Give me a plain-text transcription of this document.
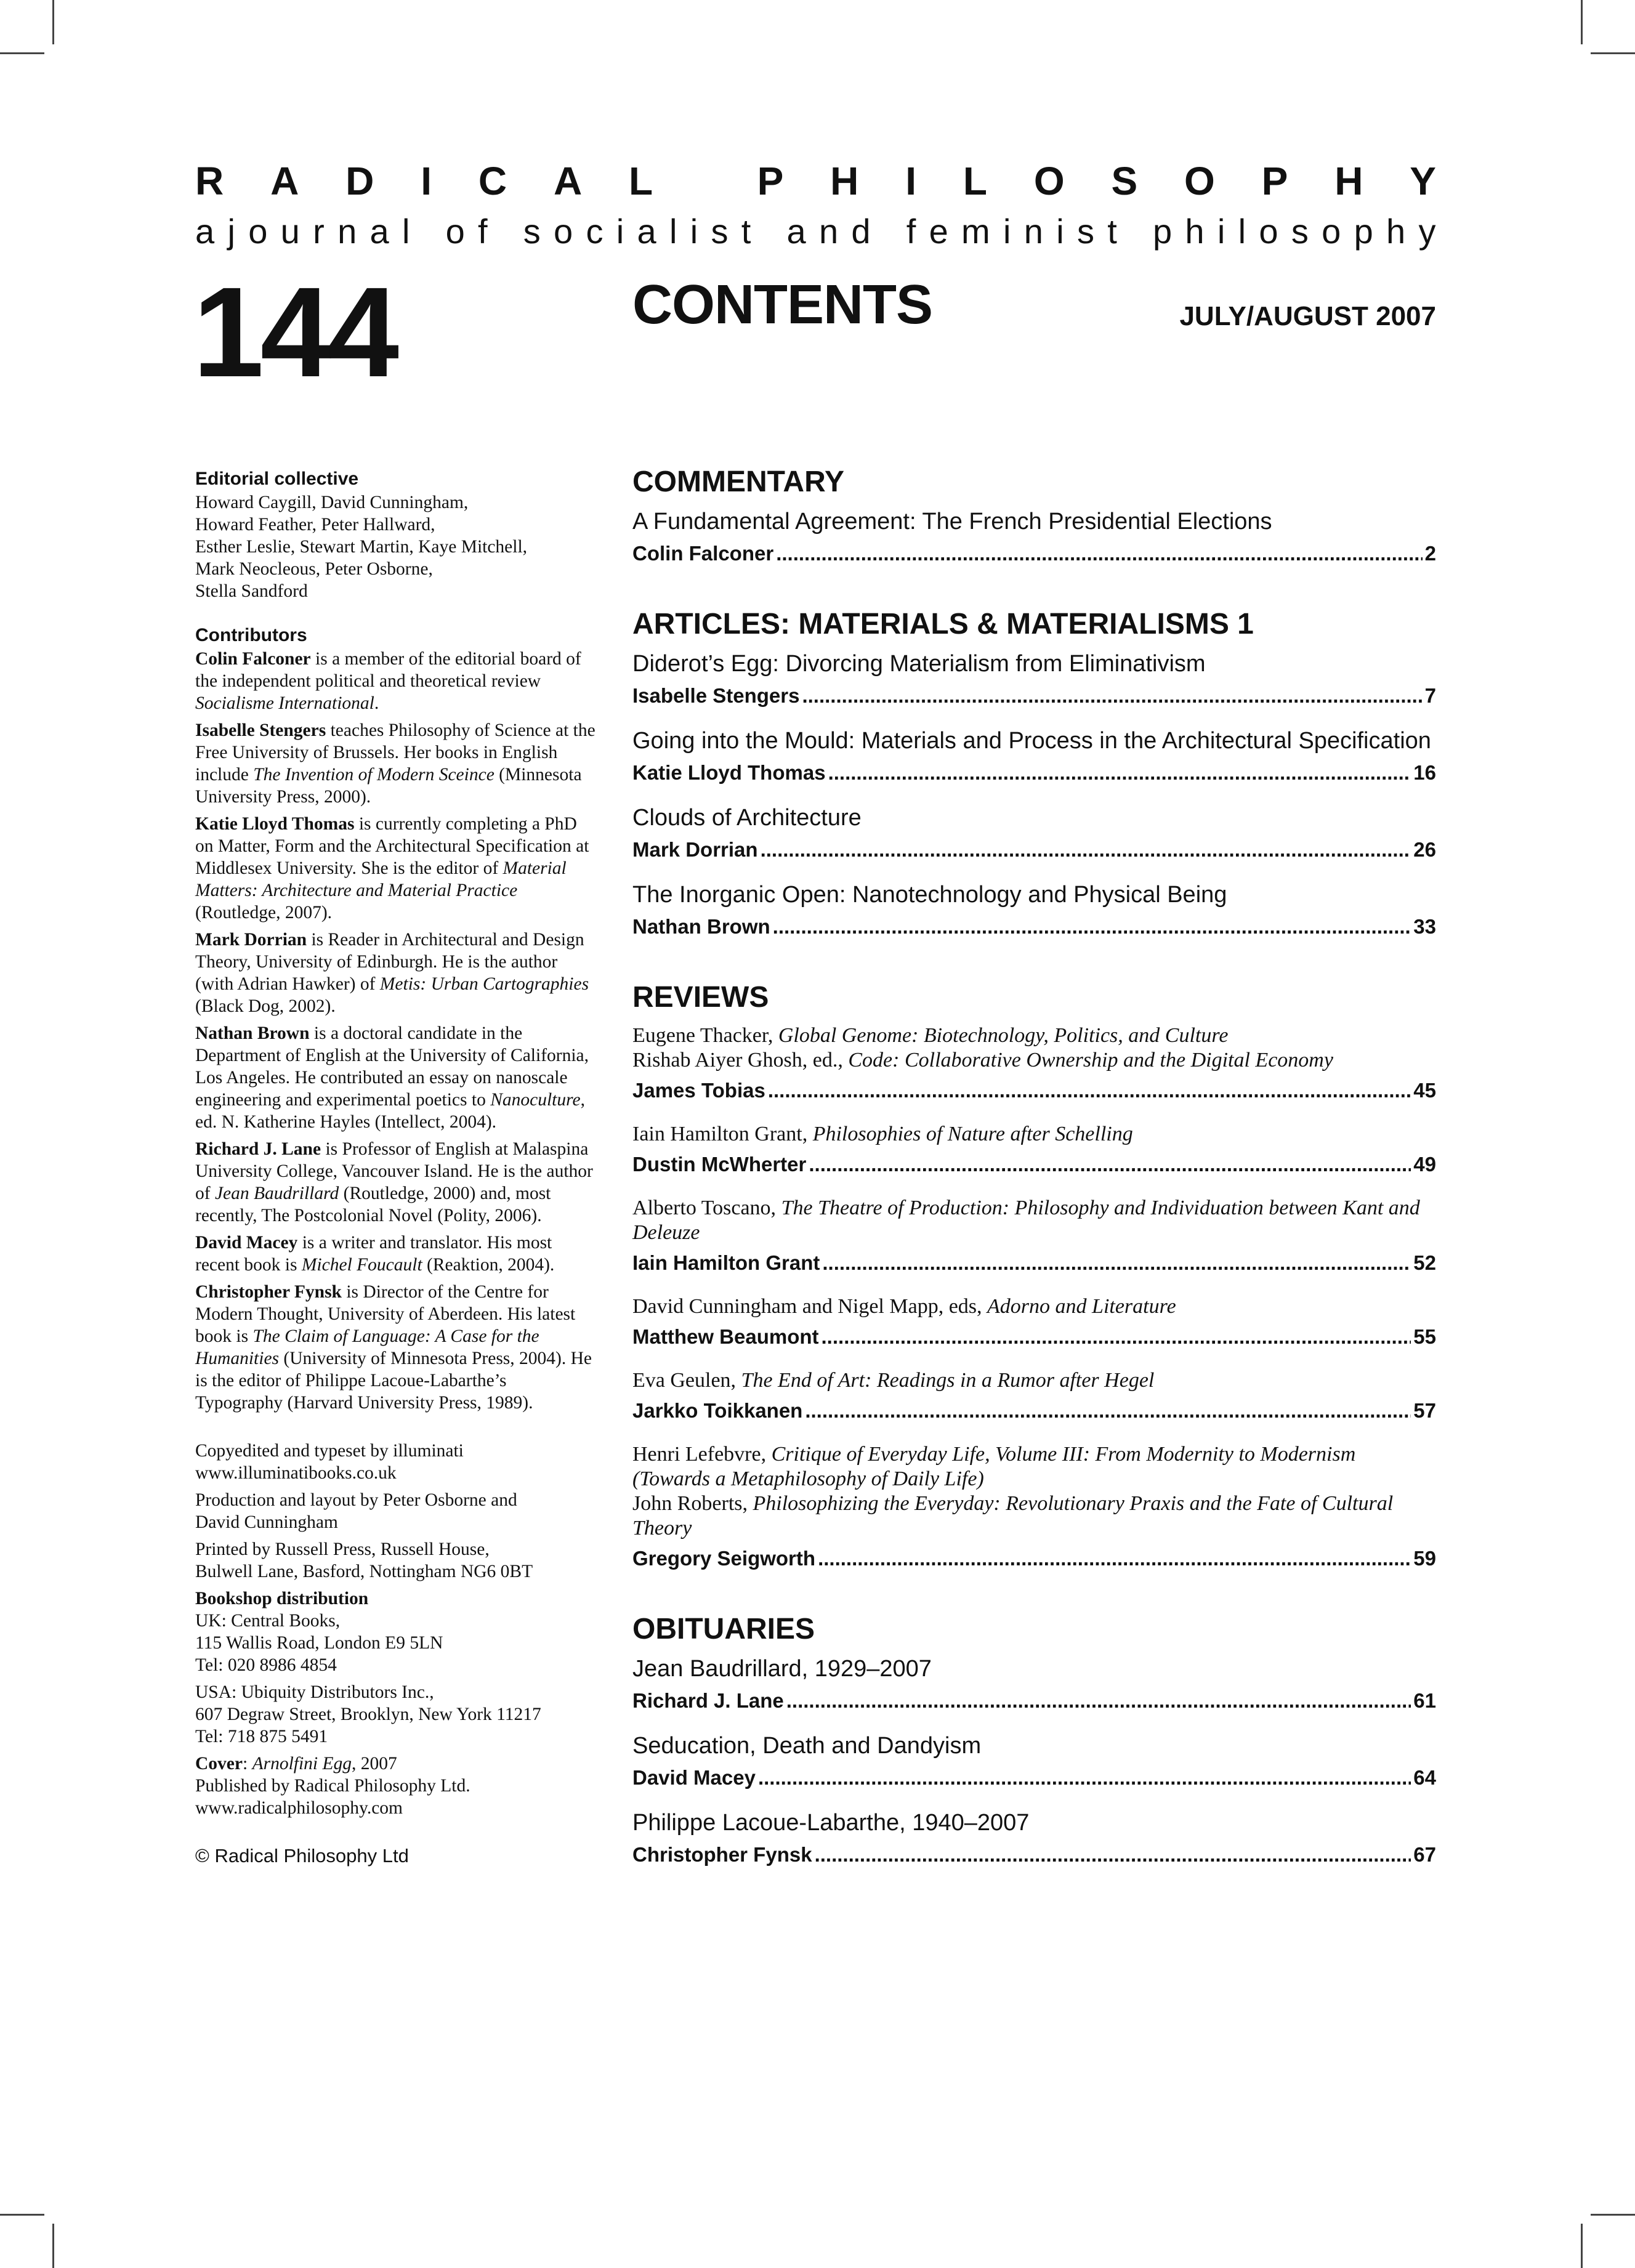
R A D I C A L
	P H I L O S O P H Y
a j o u r n a l
o f
s o c i a l i s t
a n d
f e m i n i s t
p h i l o s o p h y
144	CONTENTS	JULY/AUGUST 2007
Editorial collective
Howard Caygill, David Cunningham,
Howard Feather, Peter Hallward,
Esther Leslie, Stewart Martin, Kaye Mitchell,
Mark Neocleous, Peter Osborne,
Stella Sandford
Contributors
Colin Falconer is a member of the editorial board of the independent political and theoretical review Socialisme International.
Isabelle Stengers teaches Philosophy of Science at the Free University of Brussels. Her books in English include The Invention of Modern Sceince (Minnesota University Press, 2000).
Katie Lloyd Thomas is currently completing a PhD on Matter, Form and the Architectural Specification at Middlesex University. She is the editor of Material Matters: Architecture and Material Practice (Routledge, 2007).
Mark Dorrian is Reader in Architectural and Design Theory, University of Edinburgh. He is the author (with Adrian Hawker) of Metis: Urban Cartographies (Black Dog, 2002).
Nathan Brown is a doctoral candidate in the Department of English at the University of California, Los Angeles. He contributed an essay on nanoscale engineering and experimental poetics to Nanoculture, ed. N. Katherine Hayles (Intellect, 2004).
Richard J. Lane is Professor of English at Malaspina University College, Vancouver Island. He is the author of Jean Baudrillard (Routledge, 2000) and, most recently, The Postcolonial Novel (Polity, 2006).
David Macey is a writer and translator. His most recent book is Michel Foucault (Reaktion, 2004).
Christopher Fynsk is Director of the Centre for Modern Thought, University of Aberdeen. His latest book is The Claim of Language: A Case for the Humanities (University of Minnesota Press, 2004). He is the editor of Philippe Lacoue-Labarthe’s Typography (Harvard University Press, 1989).
Copyedited and typeset by illuminati
www.illuminatibooks.co.uk
Production and layout by Peter Osborne and
David Cunningham
Printed by Russell Press, Russell House,
Bulwell Lane, Basford, Nottingham NG6 0BT
Bookshop distribution
UK: Central Books,
115 Wallis Road, London E9 5LN
Tel: 020 8986 4854
USA: Ubiquity Distributors Inc.,
607 Degraw Street, Brooklyn, New York 11217
Tel: 718 875 5491
Cover: Arnolfini Egg, 2007
Published by Radical Philosophy Ltd.
www.radicalphilosophy.com
© Radical Philosophy Ltd
COMMENTARY
A Fundamental Agreement: The French Presidential Elections
Colin Falconer .....	2
ARTICLES: MATERIALS & MATERIALISMS 1
Diderot’s Egg: Divorcing Materialism from Eliminativism
Isabelle Stengers .....	7
Going into the Mould: Materials and Process in the Architectural Specification
Katie Lloyd Thomas .....	16
Clouds of Architecture
Mark Dorrian .....	26
The Inorganic Open: Nanotechnology and Physical Being
Nathan Brown .....	33
REVIEWS
Eugene Thacker, Global Genome: Biotechnology, Politics, and Culture
Rishab Aiyer Ghosh, ed., Code: Collaborative Ownership and the Digital Economy
James Tobias .....	45
Iain Hamilton Grant, Philosophies of Nature after Schelling
Dustin McWherter .....	49
Alberto Toscano, The Theatre of Production: Philosophy and Individuation between Kant and Deleuze
Iain Hamilton Grant .....	52
David Cunningham and Nigel Mapp, eds, Adorno and Literature
Matthew Beaumont .....	55
Eva Geulen, The End of Art: Readings in a Rumor after Hegel
Jarkko Toikkanen .....	57
Henri Lefebvre, Critique of Everyday Life, Volume III: From Modernity to Modernism (Towards a Metaphilosophy of Daily Life)
John Roberts, Philosophizing the Everyday: Revolutionary Praxis and the Fate of Cultural Theory
Gregory Seigworth .....	59
OBITUARIES
Jean Baudrillard, 1929–2007
Richard J. Lane .....	61
Seducation, Death and Dandyism
David Macey .....	64
Philippe Lacoue-Labarthe, 1940–2007
Christopher Fynsk .....	67
